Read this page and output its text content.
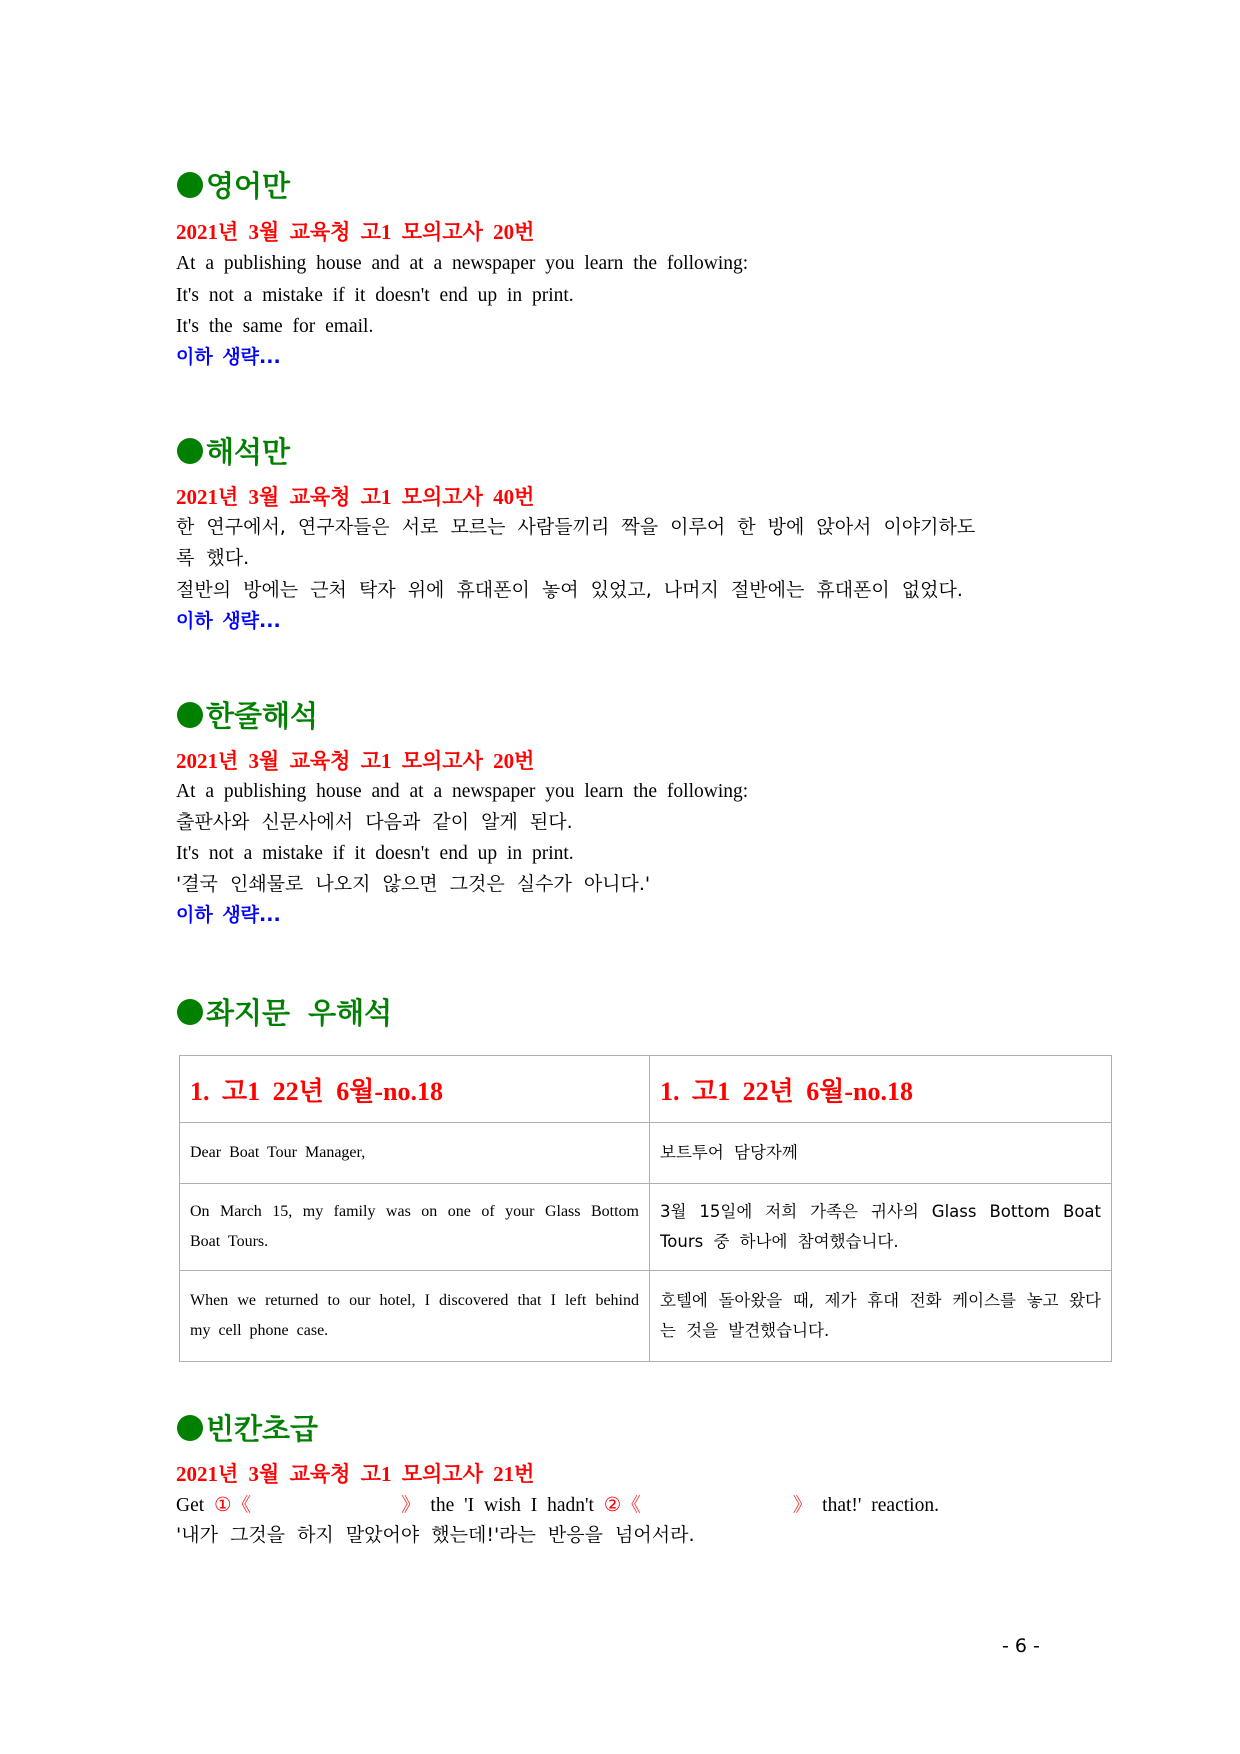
영어만
2021년 3월 교육청 고1 모의고사 20번
At a publishing house and at a newspaper you learn the following:
It's not a mistake if it doesn't end up in print.
It's the same for email.
이하 생략...
해석만
2021년 3월 교육청 고1 모의고사 40번
한 연구에서, 연구자들은 서로 모르는 사람들끼리 짝을 이루어 한 방에 앉아서 이야기하도
록 했다.
절반의 방에는 근처 탁자 위에 휴대폰이 놓여 있었고, 나머지 절반에는 휴대폰이 없었다.
이하 생략...
한줄해석
2021년 3월 교육청 고1 모의고사 20번
At a publishing house and at a newspaper you learn the following:
출판사와 신문사에서 다음과 같이 알게 된다.
It's not a mistake if it doesn't end up in print.
'결국 인쇄물로 나오지 않으면 그것은 실수가 아니다.'
이하 생략...
좌지문 우해석
1. 고1 22년 6월-no.18	1. 고1 22년 6월-no.18
Dear Boat Tour Manager,	보트투어 담당자께
On March 15, my family was on one of your Glass Bottom Boat Tours.	3월 15일에 저희 가족은 귀사의 Glass Bottom Boat Tours 중 하나에 참여했습니다.
When we returned to our hotel, I discovered that I left behind my cell phone case.	호텔에 돌아왔을 때, 제가 휴대 전화 케이스를 놓고 왔다는 것을 발견했습니다.
빈칸초급
2021년 3월 교육청 고1 모의고사 21번
Get ①《	》 the 'I wish I hadn't ②《	》 that!' reaction.
'내가 그것을 하지 말았어야 했는데!'라는 반응을 넘어서라.
- 6 -
